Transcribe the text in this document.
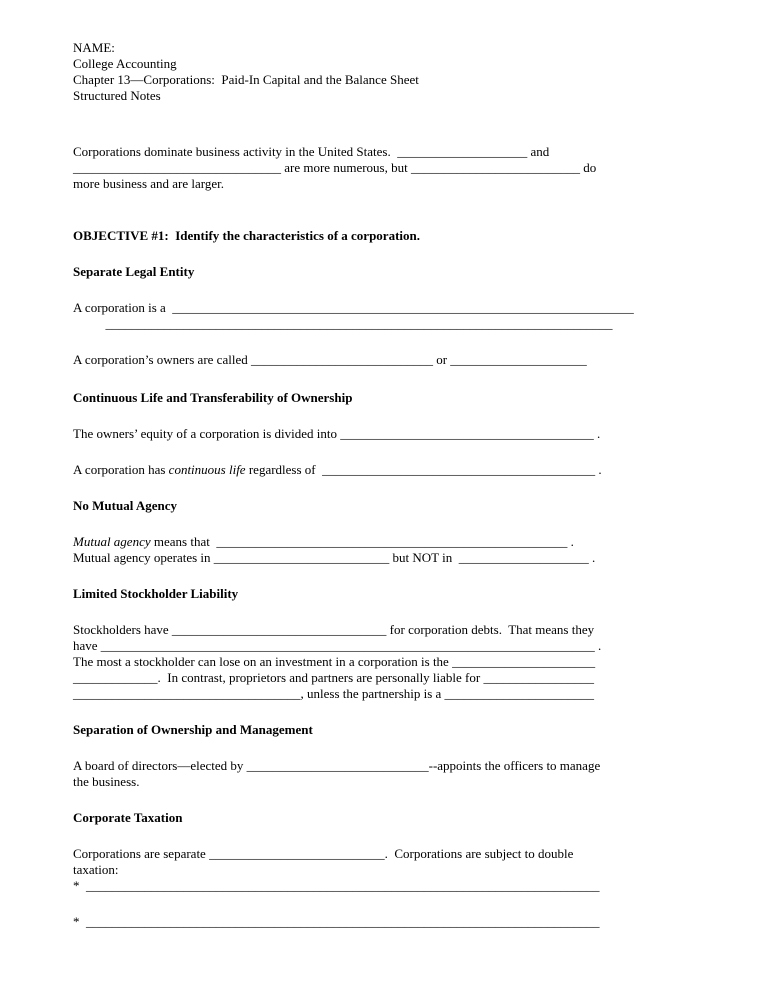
NAME:
College Accounting
Chapter 13—Corporations:  Paid-In Capital and the Balance Sheet
Structured Notes
Corporations dominate business activity in the United States.  ____________________ and
________________________________ are more numerous, but __________________________ do
more business and are larger.
OBJECTIVE #1:  Identify the characteristics of a corporation.
Separate Legal Entity
A corporation is a  _______________________________________________________________________
______________________________________________________________________________
A corporation’s owners are called ____________________________ or _____________________
Continuous Life and Transferability of Ownership
The owners’ equity of a corporation is divided into _______________________________________ .
A corporation has continuous life regardless of  __________________________________________ .
No Mutual Agency
Mutual agency means that  ______________________________________________________ .
Mutual agency operates in ___________________________ but NOT in  ____________________ .
Limited Stockholder Liability
Stockholders have _________________________________ for corporation debts.  That means they
have ____________________________________________________________________________ .
The most a stockholder can lose on an investment in a corporation is the ______________________
_____________.  In contrast, proprietors and partners are personally liable for _________________
___________________________________, unless the partnership is a _______________________
Separation of Ownership and Management
A board of directors—elected by ____________________________--appoints the officers to manage
the business.
Corporate Taxation
Corporations are separate ___________________________.  Corporations are subject to double
taxation:
*  _______________________________________________________________________________
*  _______________________________________________________________________________
